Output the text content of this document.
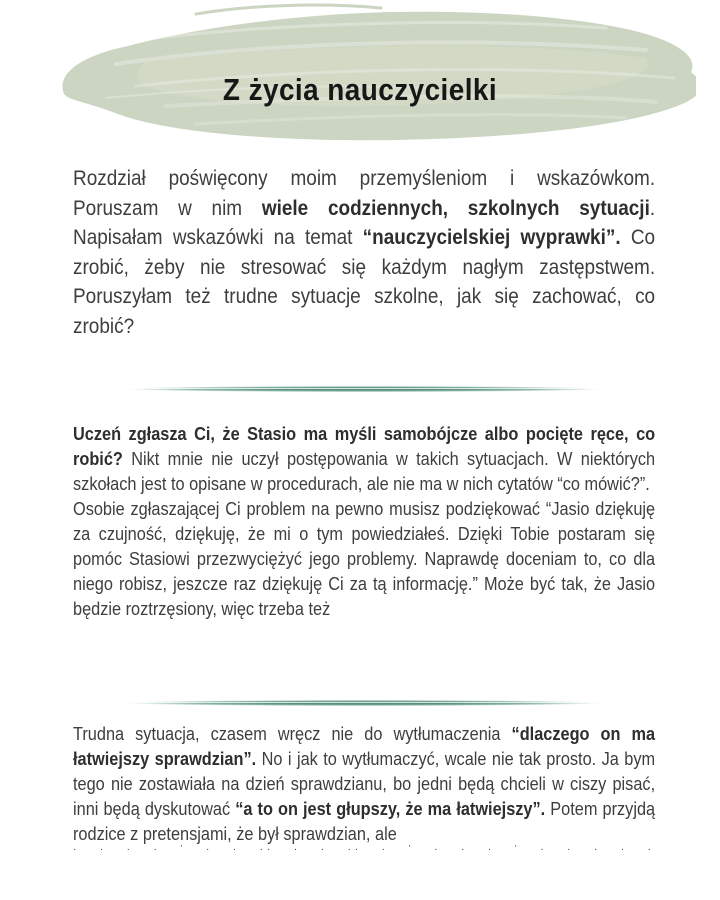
Z życia nauczycielki

Rozdział poświęcony moim przemyśleniom i wskazówkom. Poruszam w nim wiele codziennych, szkolnych sytuacji. Napisałam wskazówki na temat “nauczycielskiej wyprawki”. Co zrobić, żeby nie stresować się każdym nagłym zastępstwem. Poruszyłam też trudne sytuacje szkolne, jak się zachować, co zrobić?

Uczeń zgłasza Ci, że Stasio ma myśli samobójcze albo pocięte ręce, co robić? Nikt mnie nie uczył postępowania w takich sytuacjach. W niektórych szkołach jest to opisane w procedurach, ale nie ma w nich cytatów “co mówić?”.

Osobie zgłaszającej Ci problem na pewno musisz podziękować “Jasio dziękuję za czujność, dziękuję, że mi o tym powiedziałeś. Dzięki Tobie postaram się pomóc Stasiowi przezwyciężyć jego problemy. Naprawdę doceniam to, co dla niego robisz, jeszcze raz dziękuję Ci za tą informację.” Może być tak, że Jasio będzie roztrzęsiony, więc trzeba też

Trudna sytuacja, czasem wręcz nie do wytłumaczenia “dlaczego on ma łatwiejszy sprawdzian”. No i jak to wytłumaczyć, wcale nie tak prosto. Ja bym tego nie zostawiała na dzień sprawdzianu, bo jedni będą chcieli w ciszy pisać, inni będą dyskutować “a to on jest głupszy, że ma łatwiejszy”. Potem przyjdą rodzice z pretensjami, że był sprawdzian, ale

· · · · ʼ · · ·· · · ·· · ʼ · · · ʼ · · · · ·
